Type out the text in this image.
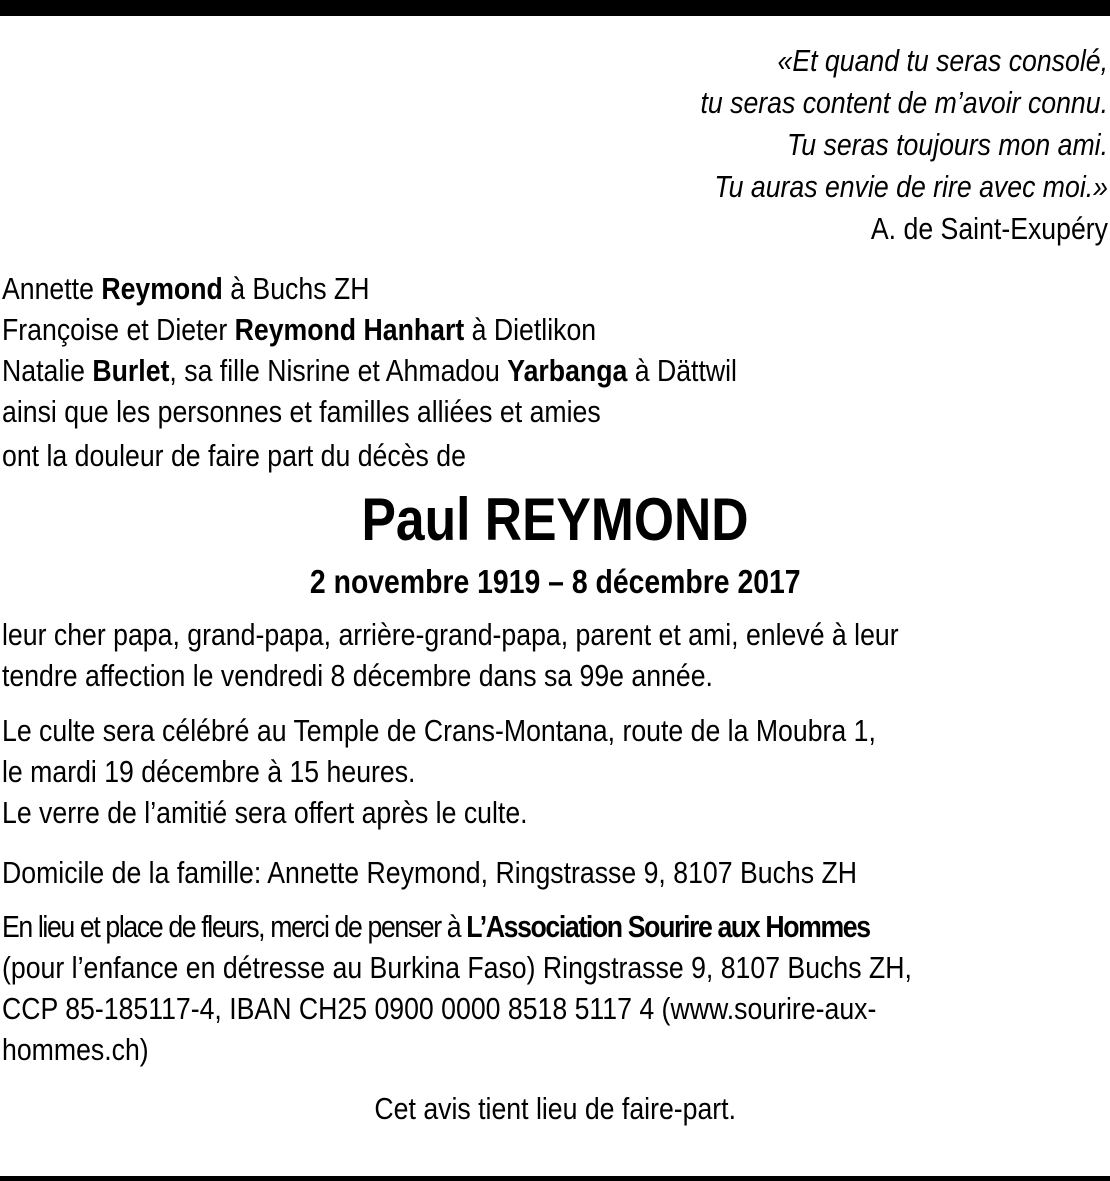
«Et quand tu seras consolé,
tu seras content de m’avoir connu.
Tu seras toujours mon ami.
Tu auras envie de rire avec moi.»
A. de Saint-Exupéry
Annette Reymond à Buchs ZH
Françoise et Dieter Reymond Hanhart à Dietlikon
Natalie Burlet, sa fille Nisrine et Ahmadou Yarbanga à Dättwil
ainsi que les personnes et familles alliées et amies
ont la douleur de faire part du décès de
Paul REYMOND
2 novembre 1919 – 8 décembre 2017
leur cher papa, grand-papa, arrière-grand-papa, parent et ami, enlevé à leur
tendre affection le vendredi 8 décembre dans sa 99e année.
Le culte sera célébré au Temple de Crans-Montana, route de la Moubra 1,
le mardi 19 décembre à 15 heures.
Le verre de l’amitié sera offert après le culte.
Domicile de la famille: Annette Reymond, Ringstrasse 9, 8107 Buchs ZH
En lieu et place de fleurs, merci de penser à L’Association Sourire aux Hommes
(pour l’enfance en détresse au Burkina Faso) Ringstrasse 9, 8107 Buchs ZH,
CCP 85-185117-4, IBAN CH25 0900 0000 8518 5117 4 (www.sourire-aux-
hommes.ch)
Cet avis tient lieu de faire-part.
